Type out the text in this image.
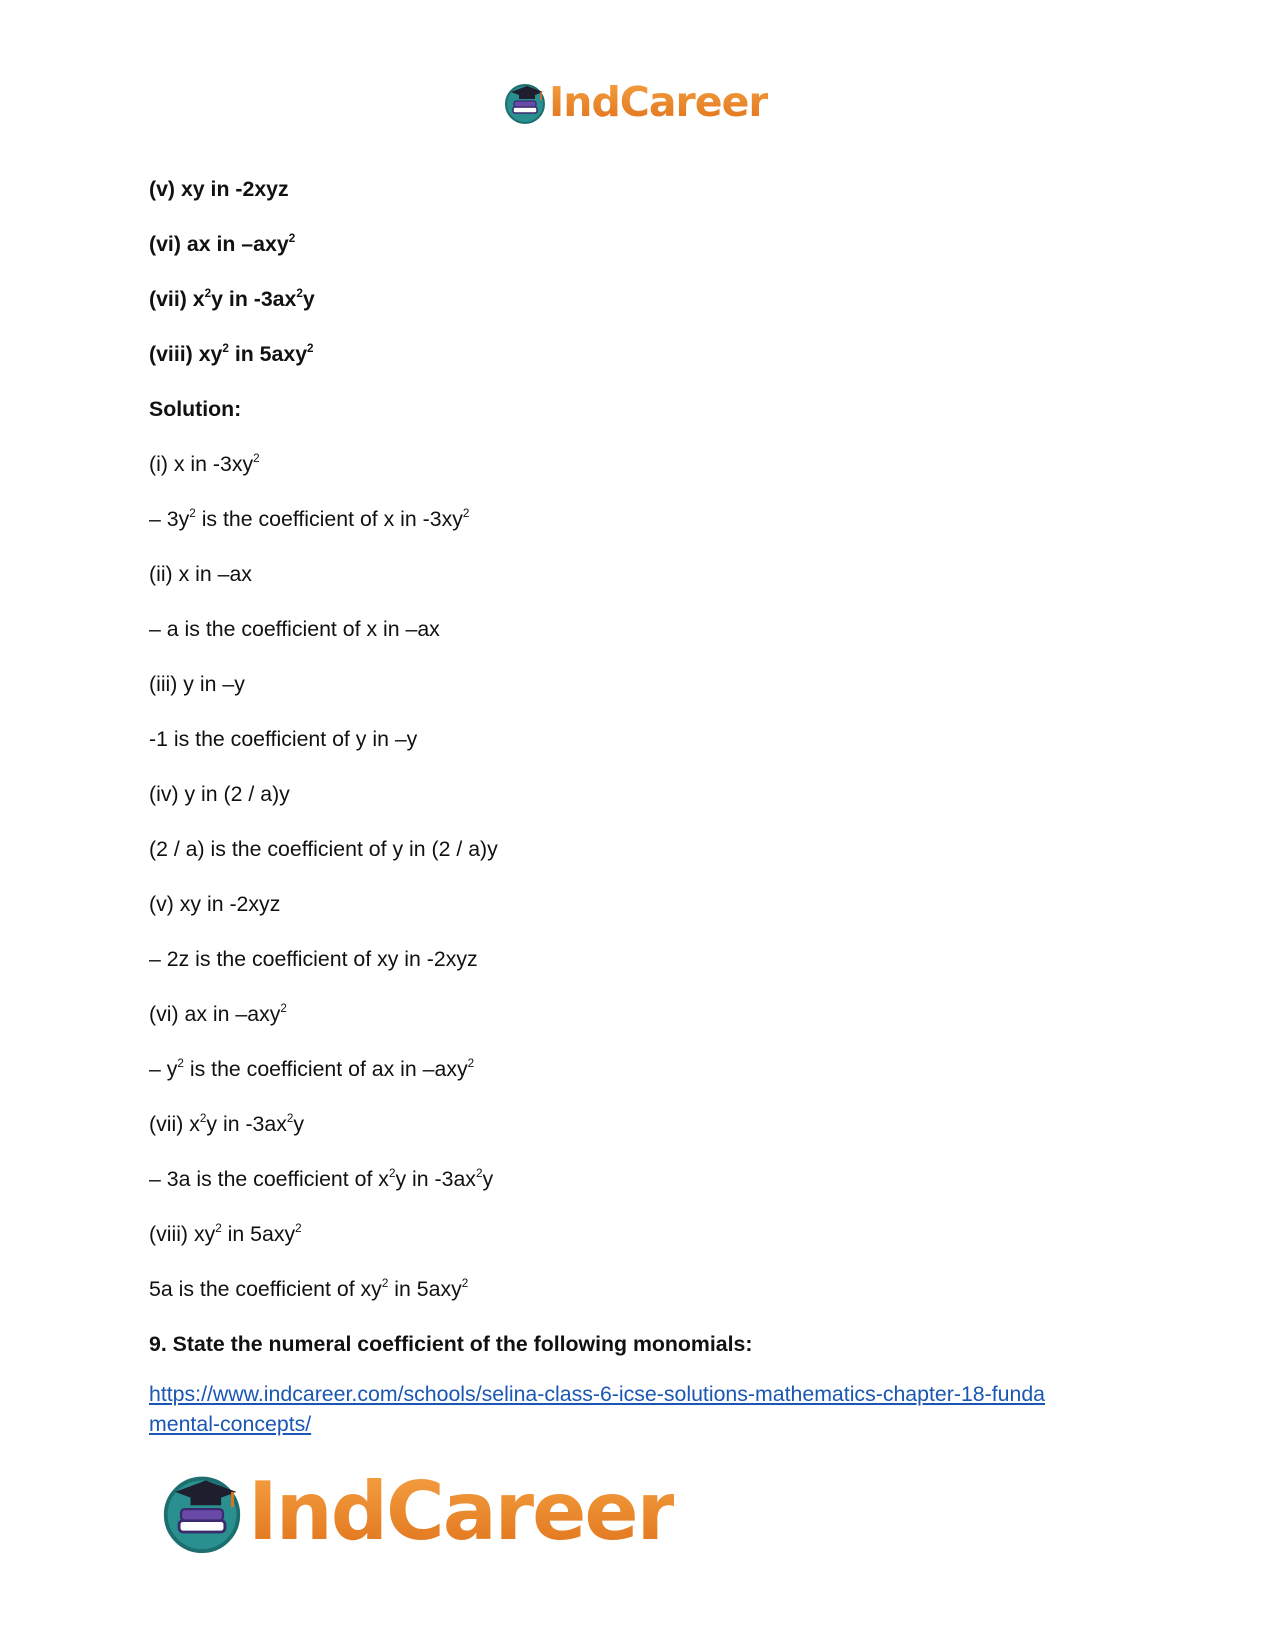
IndCareer
(v) xy in -2xyz
(vi) ax in –axy$^2$
(vii) $x^2y$ in $-3ax^2y$
(viii) $xy^2$ in 5axy$^2$
Solution:
(i) x in $-3xy^2$
– $3y^2$ is the coefficient of x in $-3xy^2$
(ii) x in –ax
– a is the coefficient of x in –ax
(iii) y in –y
-1 is the coefficient of y in –y
(iv) y in (2 / a)y
(2 / a) is the coefficient of y in (2 / a)y
(v) xy in -2xyz
– 2z is the coefficient of xy in -2xyz
(vi) ax in –axy$^2$
– $y^2$ is the coefficient of ax in –axy$^2$
(vii) $x^2y$ in $-3ax^2y$
– 3a is the coefficient of $x^2y$ in $-3ax^2y$
(viii) $xy^2$ in 5axy$^2$
5a is the coefficient of $xy^2$ in 5axy$^2$
9. State the numeral coefficient of the following monomials:
https://www.indcareer.com/schools/selina-class-6-icse-solutions-mathematics-chapter-18-funda
mental-concepts/
IndCareer
